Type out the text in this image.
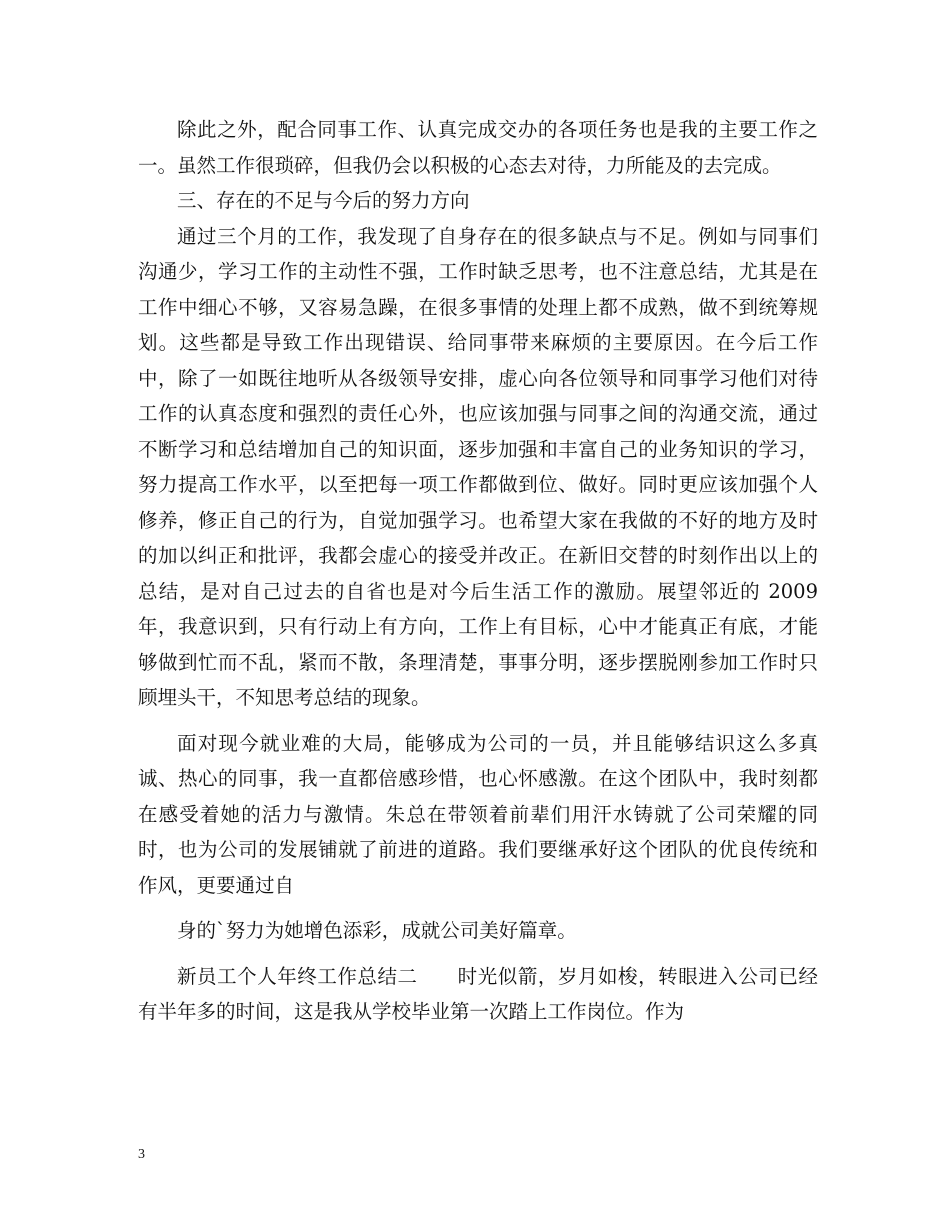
除此之外，配合同事工作、认真完成交办的各项任务也是我的主要工作之一。虽然工作很琐碎，但我仍会以积极的心态去对待，力所能及的去完成。

三、存在的不足与今后的努力方向

通过三个月的工作，我发现了自身存在的很多缺点与不足。例如与同事们沟通少，学习工作的主动性不强，工作时缺乏思考，也不注意总结，尤其是在工作中细心不够，又容易急躁，在很多事情的处理上都不成熟，做不到统筹规划。这些都是导致工作出现错误、给同事带来麻烦的主要原因。在今后工作中，除了一如既往地听从各级领导安排，虚心向各位领导和同事学习他们对待工作的认真态度和强烈的责任心外，也应该加强与同事之间的沟通交流，通过不断学习和总结增加自己的知识面，逐步加强和丰富自己的业务知识的学习，努力提高工作水平，以至把每一项工作都做到位、做好。同时更应该加强个人修养，修正自己的行为，自觉加强学习。也希望大家在我做的不好的地方及时的加以纠正和批评，我都会虚心的接受并改正。在新旧交替的时刻作出以上的总结，是对自己过去的自省也是对今后生活工作的激励。展望邻近的 2009 年，我意识到，只有行动上有方向，工作上有目标，心中才能真正有底，才能够做到忙而不乱，紧而不散，条理清楚，事事分明，逐步摆脱刚参加工作时只顾埋头干，不知思考总结的现象。

面对现今就业难的大局，能够成为公司的一员，并且能够结识这么多真诚、热心的同事，我一直都倍感珍惜，也心怀感激。在这个团队中，我时刻都在感受着她的活力与激情。朱总在带领着前辈们用汗水铸就了公司荣耀的同时，也为公司的发展铺就了前进的道路。我们要继承好这个团队的优良传统和作风，更要通过自

身的`努力为她增色添彩，成就公司美好篇章。

新员工个人年终工作总结二　　时光似箭，岁月如梭，转眼进入公司已经有半年多的时间，这是我从学校毕业第一次踏上工作岗位。作为

3
